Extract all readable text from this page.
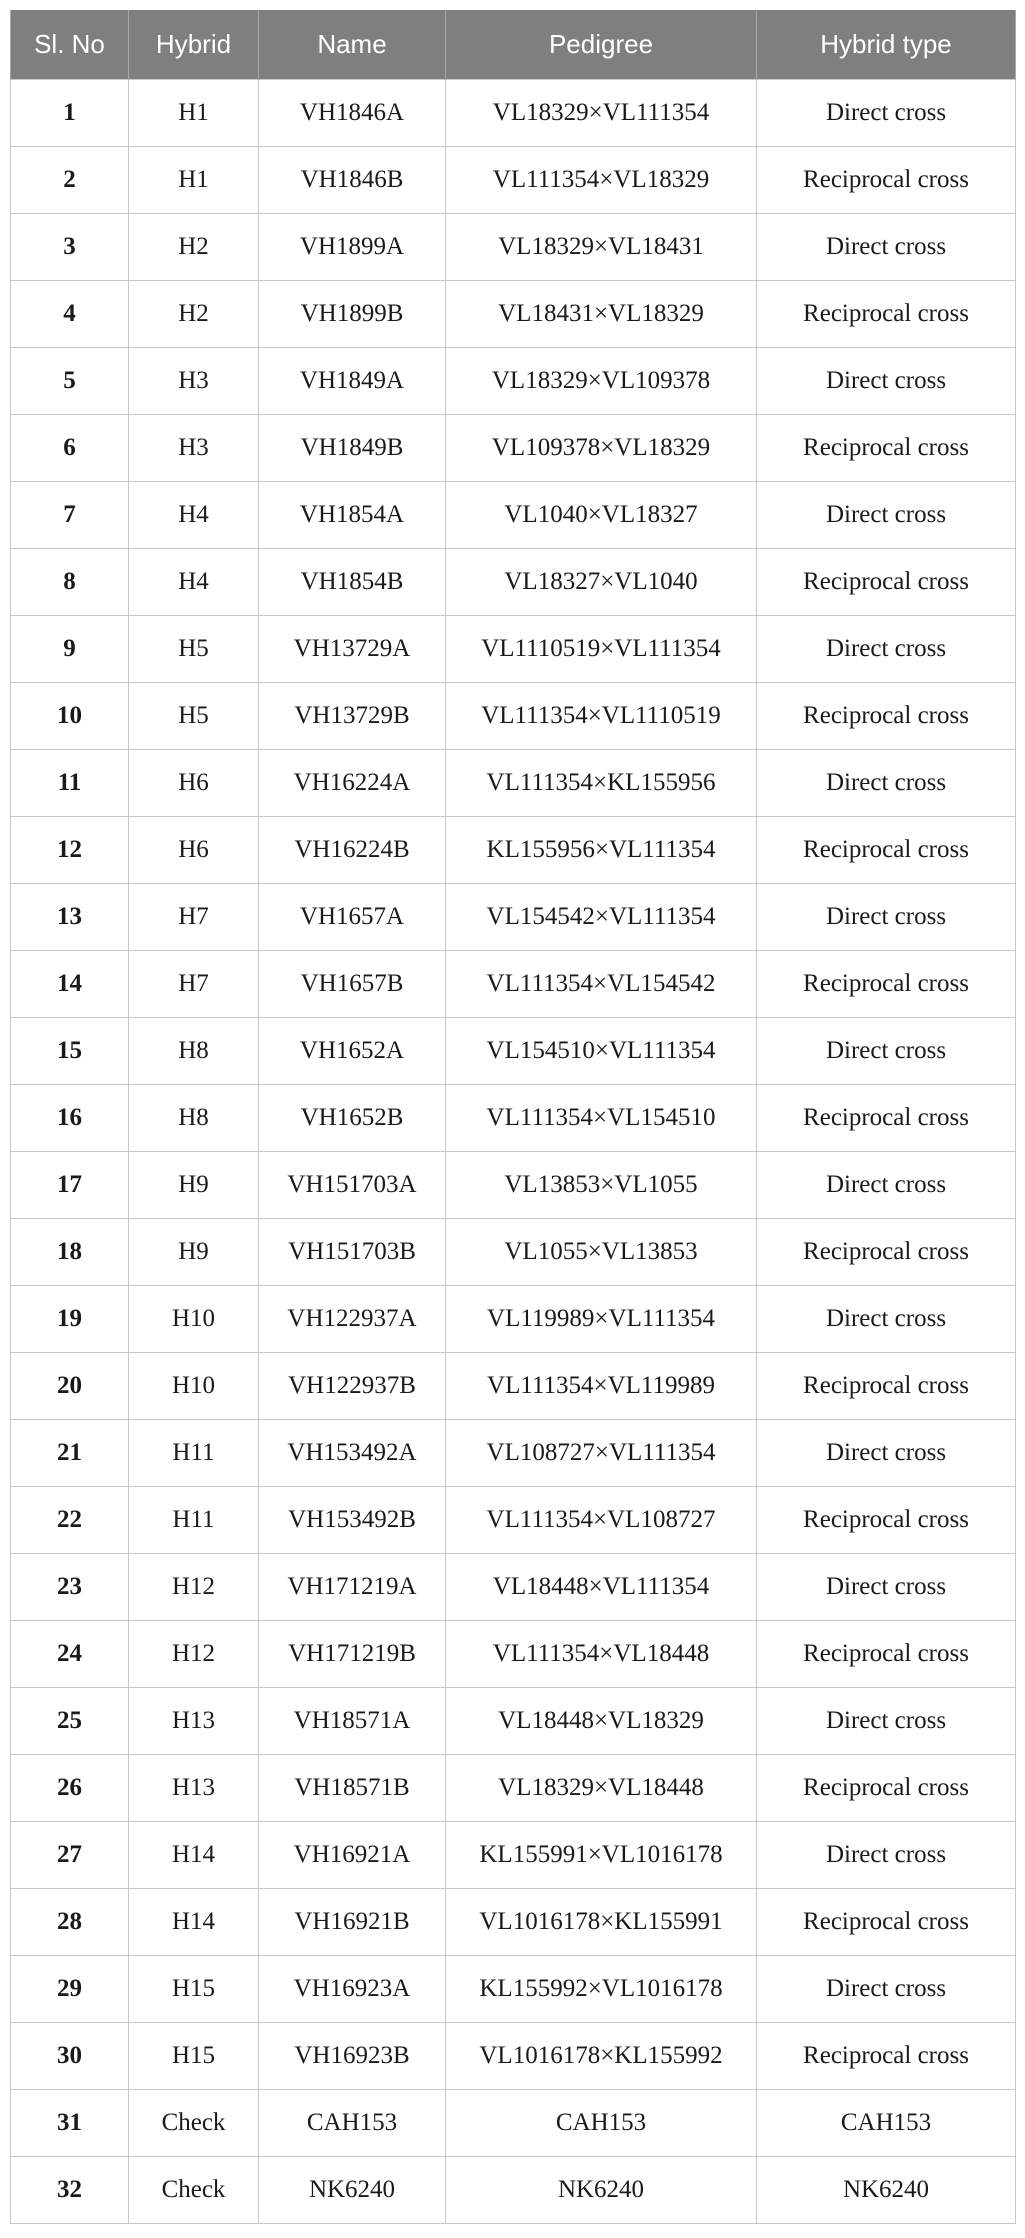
Sl. No	Hybrid	Name	Pedigree	Hybrid type
1	H1	VH1846A	VL18329×VL111354	Direct cross
2	H1	VH1846B	VL111354×VL18329	Reciprocal cross
3	H2	VH1899A	VL18329×VL18431	Direct cross
4	H2	VH1899B	VL18431×VL18329	Reciprocal cross
5	H3	VH1849A	VL18329×VL109378	Direct cross
6	H3	VH1849B	VL109378×VL18329	Reciprocal cross
7	H4	VH1854A	VL1040×VL18327	Direct cross
8	H4	VH1854B	VL18327×VL1040	Reciprocal cross
9	H5	VH13729A	VL1110519×VL111354	Direct cross
10	H5	VH13729B	VL111354×VL1110519	Reciprocal cross
11	H6	VH16224A	VL111354×KL155956	Direct cross
12	H6	VH16224B	KL155956×VL111354	Reciprocal cross
13	H7	VH1657A	VL154542×VL111354	Direct cross
14	H7	VH1657B	VL111354×VL154542	Reciprocal cross
15	H8	VH1652A	VL154510×VL111354	Direct cross
16	H8	VH1652B	VL111354×VL154510	Reciprocal cross
17	H9	VH151703A	VL13853×VL1055	Direct cross
18	H9	VH151703B	VL1055×VL13853	Reciprocal cross
19	H10	VH122937A	VL119989×VL111354	Direct cross
20	H10	VH122937B	VL111354×VL119989	Reciprocal cross
21	H11	VH153492A	VL108727×VL111354	Direct cross
22	H11	VH153492B	VL111354×VL108727	Reciprocal cross
23	H12	VH171219A	VL18448×VL111354	Direct cross
24	H12	VH171219B	VL111354×VL18448	Reciprocal cross
25	H13	VH18571A	VL18448×VL18329	Direct cross
26	H13	VH18571B	VL18329×VL18448	Reciprocal cross
27	H14	VH16921A	KL155991×VL1016178	Direct cross
28	H14	VH16921B	VL1016178×KL155991	Reciprocal cross
29	H15	VH16923A	KL155992×VL1016178	Direct cross
30	H15	VH16923B	VL1016178×KL155992	Reciprocal cross
31	Check	CAH153	CAH153	CAH153
32	Check	NK6240	NK6240	NK6240
